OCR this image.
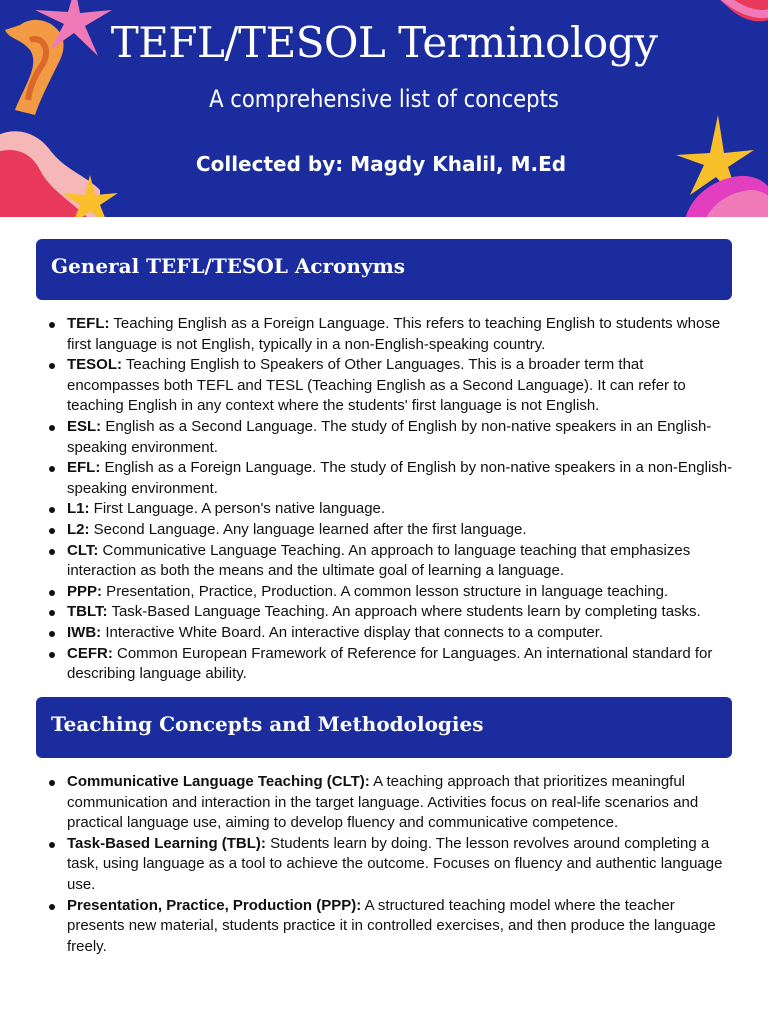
TEFL/TESOL Terminology
A comprehensive list of concepts
Collected by: Magdy Khalil, M.Ed
General TEFL/TESOL Acronyms
TEFL: Teaching English as a Foreign Language. This refers to teaching English to students whose first language is not English, typically in a non-English-speaking country.
TESOL: Teaching English to Speakers of Other Languages. This is a broader term that encompasses both TEFL and TESL (Teaching English as a Second Language). It can refer to teaching English in any context where the students' first language is not English.
ESL: English as a Second Language. The study of English by non-native speakers in an English-speaking environment.
EFL: English as a Foreign Language. The study of English by non-native speakers in a non-English-speaking environment.
L1: First Language. A person's native language.
L2: Second Language. Any language learned after the first language.
CLT: Communicative Language Teaching. An approach to language teaching that emphasizes interaction as both the means and the ultimate goal of learning a language.
PPP: Presentation, Practice, Production. A common lesson structure in language teaching.
TBLT: Task-Based Language Teaching. An approach where students learn by completing tasks.
IWB: Interactive White Board. An interactive display that connects to a computer.
CEFR: Common European Framework of Reference for Languages. An international standard for describing language ability.
Teaching Concepts and Methodologies
Communicative Language Teaching (CLT): A teaching approach that prioritizes meaningful communication and interaction in the target language. Activities focus on real-life scenarios and practical language use, aiming to develop fluency and communicative competence.
Task-Based Learning (TBL): Students learn by doing. The lesson revolves around completing a task, using language as a tool to achieve the outcome. Focuses on fluency and authentic language use.
Presentation, Practice, Production (PPP): A structured teaching model where the teacher presents new material, students practice it in controlled exercises, and then produce the language freely.
